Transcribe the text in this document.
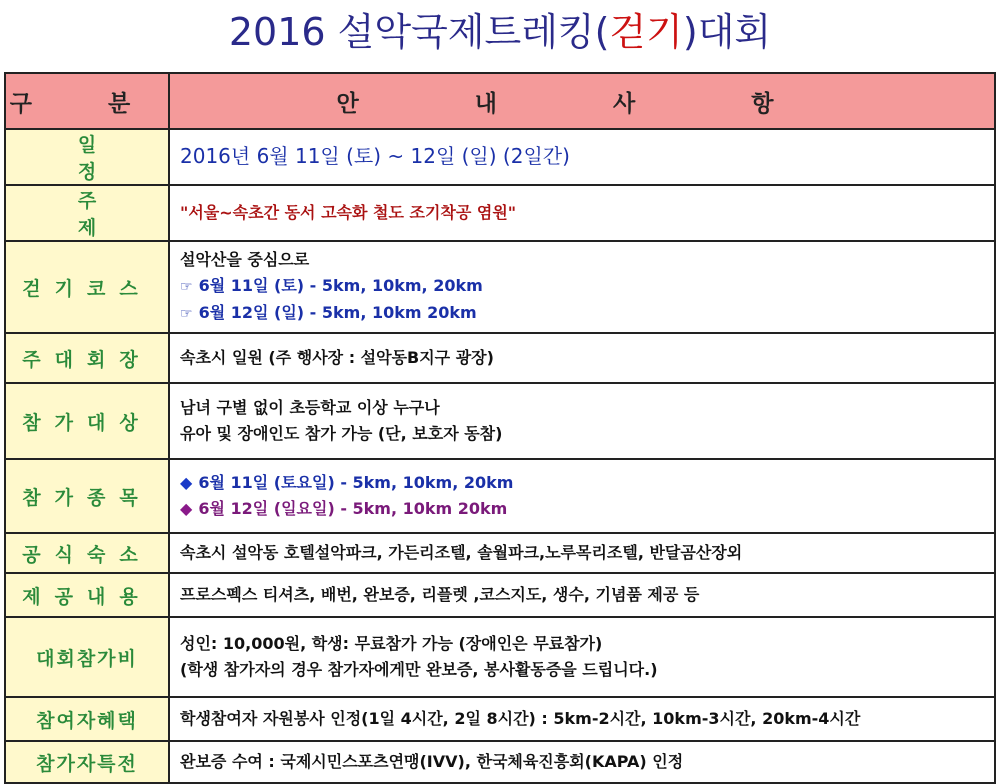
2016 설악국제트레킹(걷기)대회
구 분	안 내 사 항
일 정	2016년 6월 11일 (토) ~ 12일 (일) (2일간)
주 제	"서울~속초간 동서 고속화 철도 조기착공 염원"
걷기코스	설악산을 중심으로
☞ 6월 11일 (토) - 5km, 10km, 20km
☞ 6월 12일 (일) - 5km, 10km 20km

주대회장	속초시 일원 (주 행사장 : 설악동B지구 광장)
참가대상	남녀 구별 없이 초등학교 이상 누구나
유아 및 장애인도 참가 가능 (단, 보호자 동참)

참가종목	◆ 6월 11일 (토요일) - 5km, 10km, 20km
◆ 6월 12일 (일요일) - 5km, 10km 20km

공식숙소	속초시 설악동 호텔설악파크, 가든리조텔, 솔월파크,노루목리조텔, 반달곰산장외
제공내용	프로스펙스 티셔츠, 배번, 완보증, 리플렛 ,코스지도, 생수, 기념품 제공 등
대회참가비	성인: 10,000원, 학생: 무료참가 가능 (장애인은 무료참가)
(학생 참가자의 경우 참가자에게만 완보증, 봉사활동증을 드립니다.)

참여자혜택	학생참여자 자원봉사 인정(1일 4시간, 2일 8시간) : 5km-2시간, 10km-3시간, 20km-4시간
참가자특전	완보증 수여 : 국제시민스포츠연맹(IVV), 한국체육진흥회(KAPA) 인정
